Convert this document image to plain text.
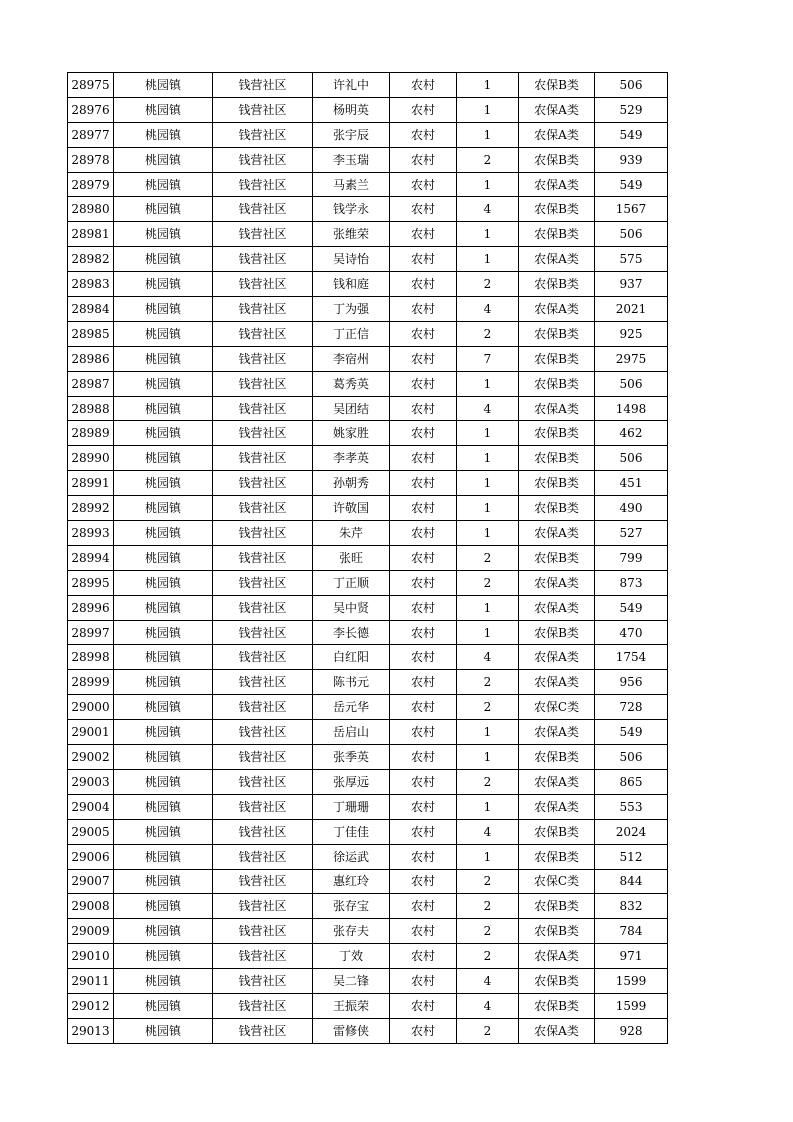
28975	桃园镇	钱营社区	许礼中	农村	1	农保B类	506
28976	桃园镇	钱营社区	杨明英	农村	1	农保A类	529
28977	桃园镇	钱营社区	张宇辰	农村	1	农保A类	549
28978	桃园镇	钱营社区	李玉瑞	农村	2	农保B类	939
28979	桃园镇	钱营社区	马素兰	农村	1	农保A类	549
28980	桃园镇	钱营社区	钱学永	农村	4	农保B类	1567
28981	桃园镇	钱营社区	张维荣	农村	1	农保B类	506
28982	桃园镇	钱营社区	吴诗怡	农村	1	农保A类	575
28983	桃园镇	钱营社区	钱和庭	农村	2	农保B类	937
28984	桃园镇	钱营社区	丁为强	农村	4	农保A类	2021
28985	桃园镇	钱营社区	丁正信	农村	2	农保B类	925
28986	桃园镇	钱营社区	李宿州	农村	7	农保B类	2975
28987	桃园镇	钱营社区	葛秀英	农村	1	农保B类	506
28988	桃园镇	钱营社区	吴团结	农村	4	农保A类	1498
28989	桃园镇	钱营社区	姚家胜	农村	1	农保B类	462
28990	桃园镇	钱营社区	李孝英	农村	1	农保B类	506
28991	桃园镇	钱营社区	孙朝秀	农村	1	农保B类	451
28992	桃园镇	钱营社区	许敬国	农村	1	农保B类	490
28993	桃园镇	钱营社区	朱芹	农村	1	农保A类	527
28994	桃园镇	钱营社区	张旺	农村	2	农保B类	799
28995	桃园镇	钱营社区	丁正顺	农村	2	农保A类	873
28996	桃园镇	钱营社区	吴中贤	农村	1	农保A类	549
28997	桃园镇	钱营社区	李长德	农村	1	农保B类	470
28998	桃园镇	钱营社区	白红阳	农村	4	农保A类	1754
28999	桃园镇	钱营社区	陈书元	农村	2	农保A类	956
29000	桃园镇	钱营社区	岳元华	农村	2	农保C类	728
29001	桃园镇	钱营社区	岳启山	农村	1	农保A类	549
29002	桃园镇	钱营社区	张季英	农村	1	农保B类	506
29003	桃园镇	钱营社区	张厚远	农村	2	农保A类	865
29004	桃园镇	钱营社区	丁珊珊	农村	1	农保A类	553
29005	桃园镇	钱营社区	丁佳佳	农村	4	农保B类	2024
29006	桃园镇	钱营社区	徐运武	农村	1	农保B类	512
29007	桃园镇	钱营社区	惠红玲	农村	2	农保C类	844
29008	桃园镇	钱营社区	张存宝	农村	2	农保B类	832
29009	桃园镇	钱营社区	张存夫	农村	2	农保B类	784
29010	桃园镇	钱营社区	丁效	农村	2	农保A类	971
29011	桃园镇	钱营社区	吴二锋	农村	4	农保B类	1599
29012	桃园镇	钱营社区	王振荣	农村	4	农保B类	1599
29013	桃园镇	钱营社区	雷修侠	农村	2	农保A类	928
